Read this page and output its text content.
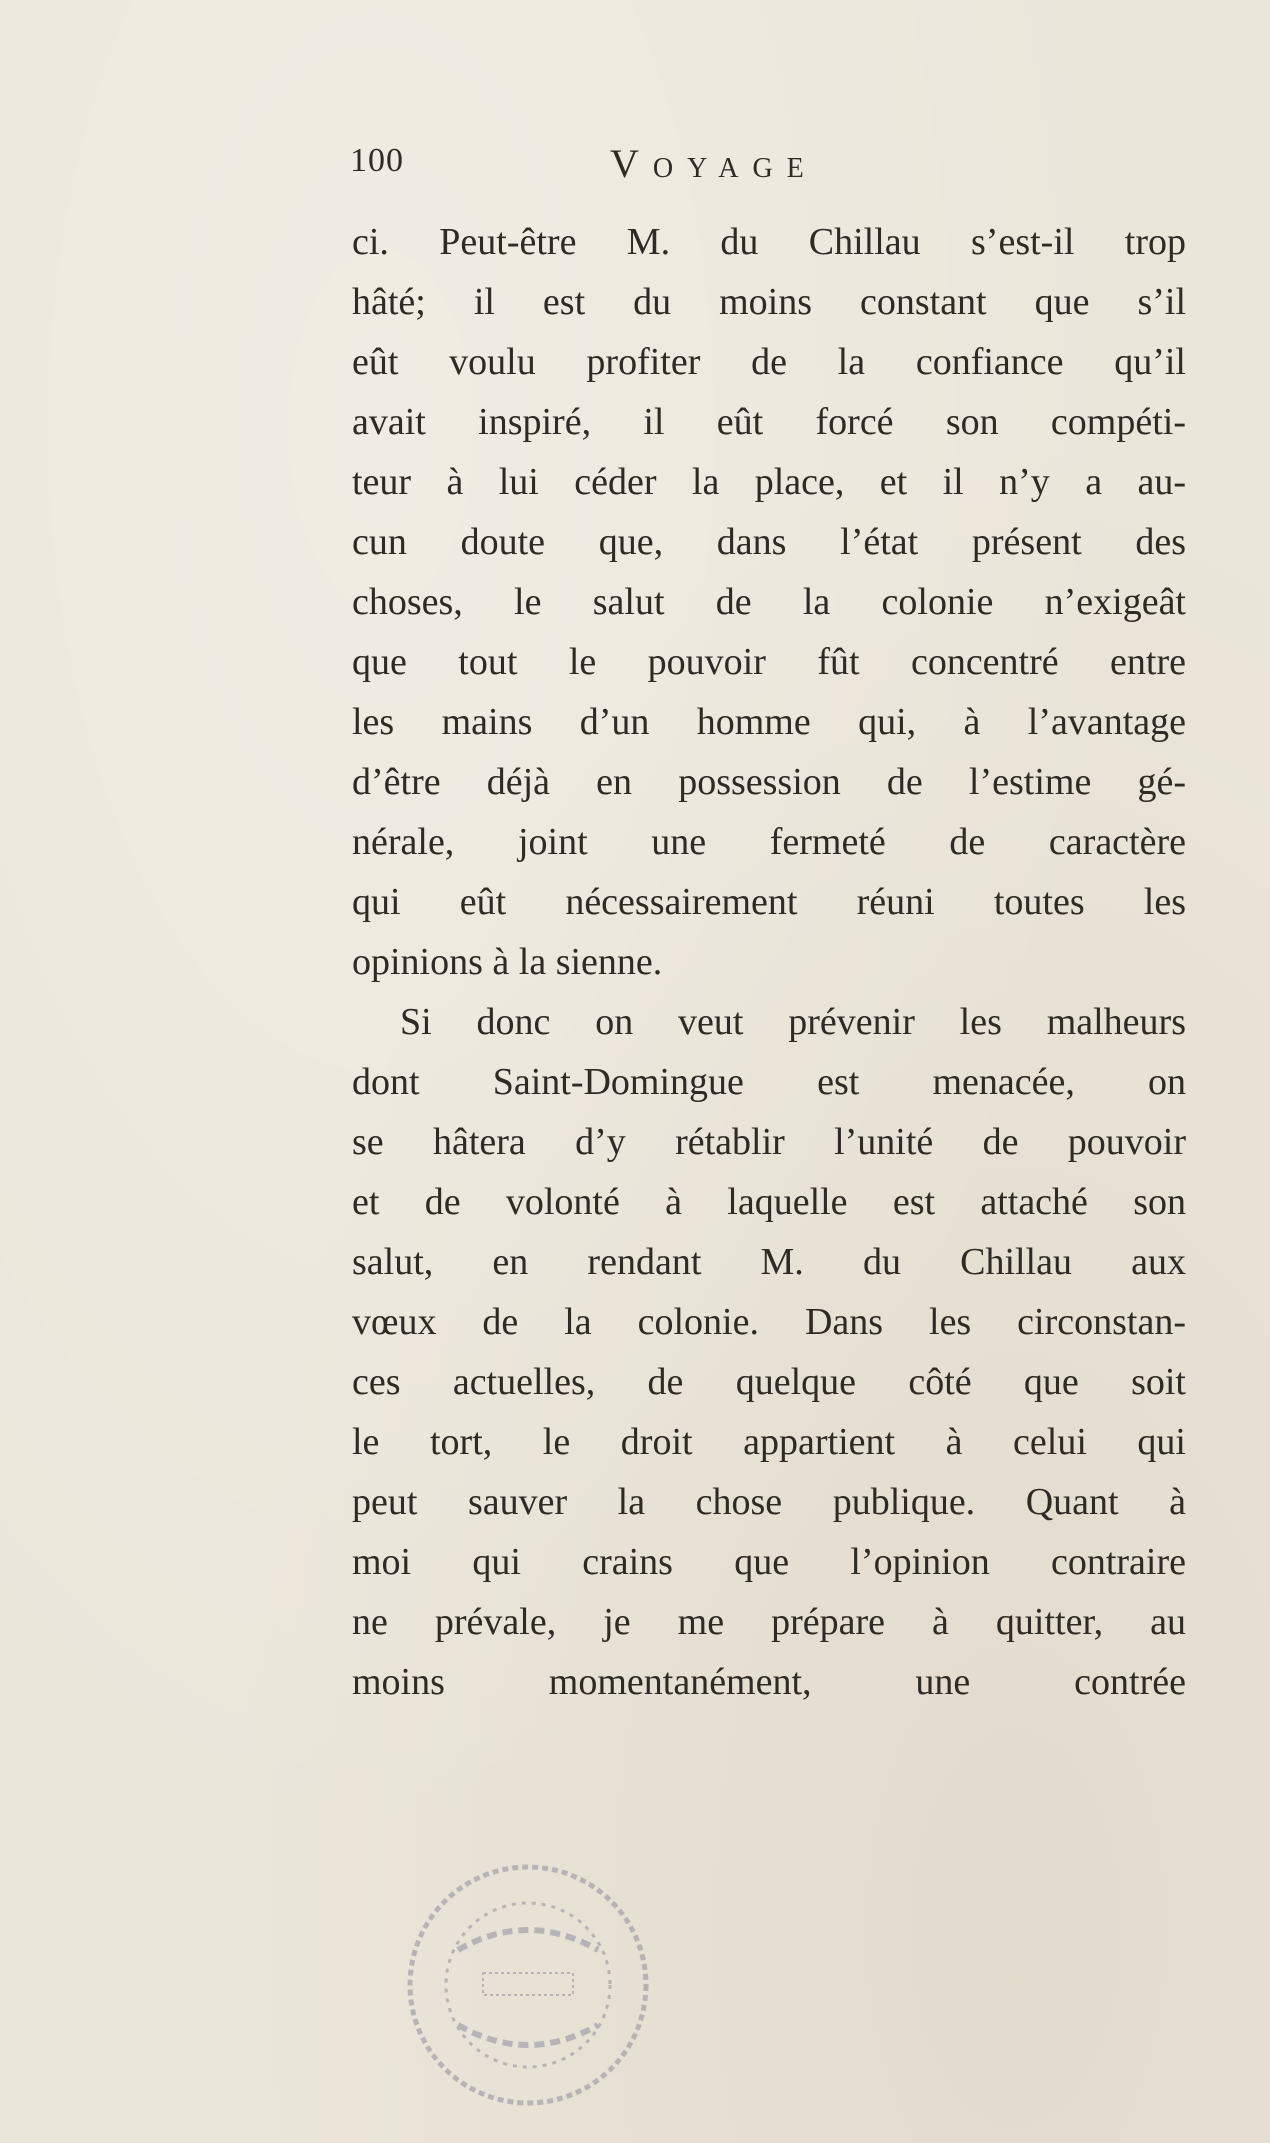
100	Voyage
ci. Peut-être M. du Chillau s’est-il trop
hâté; il est du moins constant que s’il
eût voulu profiter de la confiance qu’il
avait inspiré, il eût forcé son compéti-
teur à lui céder la place, et il n’y a au-
cun doute que, dans l’état présent des
choses, le salut de la colonie n’exigeât
que tout le pouvoir fût concentré entre
les mains d’un homme qui, à l’avantage
d’être déjà en possession de l’estime gé-
nérale, joint une fermeté de caractère
qui eût nécessairement réuni toutes les
opinions à la sienne.
Si donc on veut prévenir les malheurs
dont Saint-Domingue est menacée, on
se hâtera d’y rétablir l’unité de pouvoir
et de volonté à laquelle est attaché son
salut, en rendant M. du Chillau aux
vœux de la colonie. Dans les circonstan-
ces actuelles, de quelque côté que soit
le tort, le droit appartient à celui qui
peut sauver la chose publique. Quant à
moi qui crains que l’opinion contraire
ne prévale, je me prépare à quitter, au
moins momentanément, une contrée
